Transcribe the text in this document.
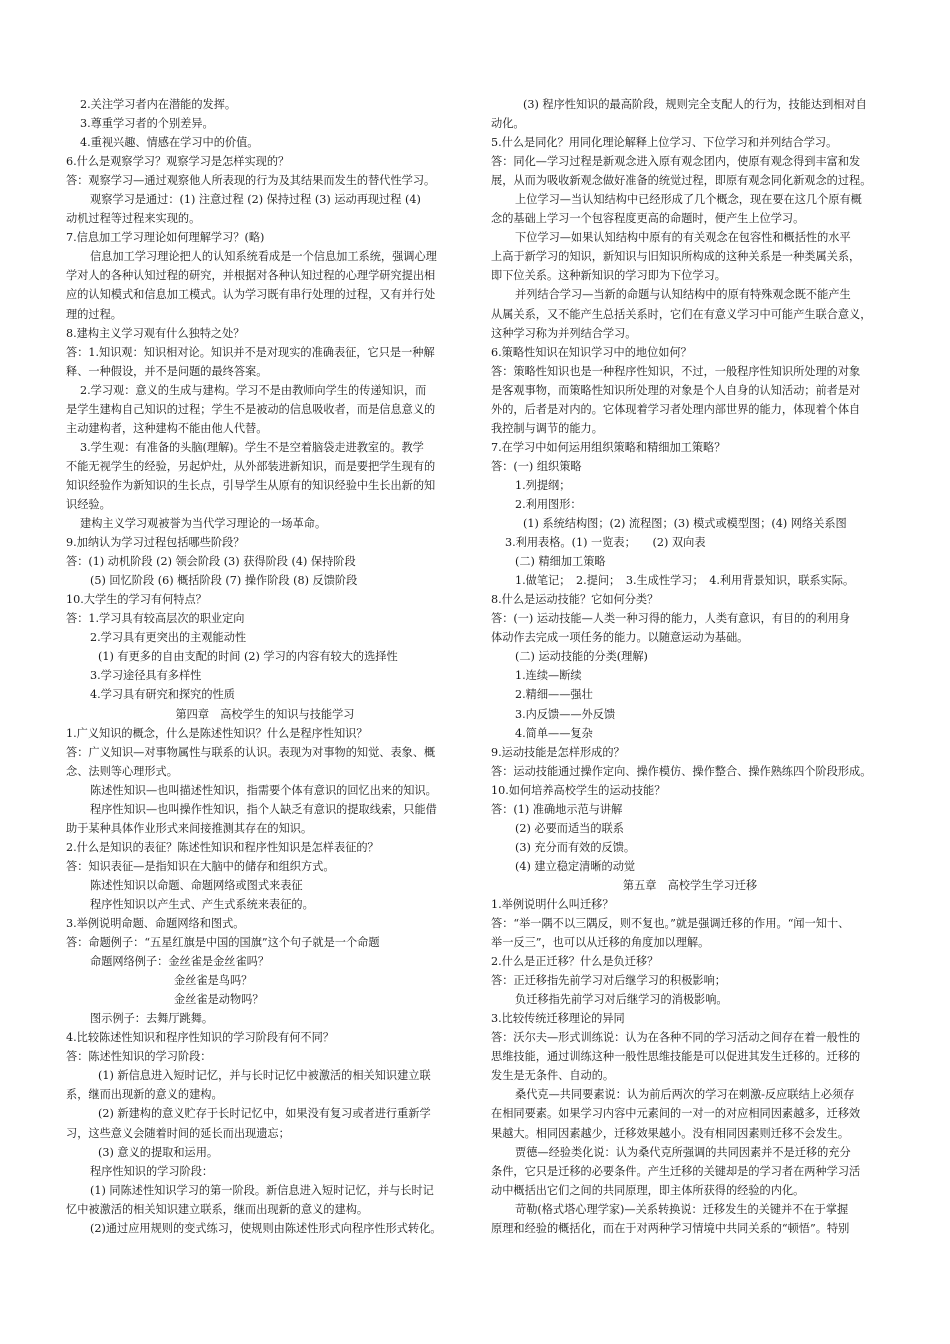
2.关注学习者内在潜能的发挥。
3.尊重学习者的个别差异。
4.重视兴趣、情感在学习中的价值。
6.什么是观察学习？观察学习是怎样实现的？
答：观察学习—通过观察他人所表现的行为及其结果而发生的替代性学习。
观察学习是通过：(1) 注意过程 (2) 保持过程 (3) 运动再现过程 (4)
动机过程等过程来实现的。
7.信息加工学习理论如何理解学习？(略)
信息加工学习理论把人的认知系统看成是一个信息加工系统，强调心理
学对人的各种认知过程的研究，并根据对各种认知过程的心理学研究提出相
应的认知模式和信息加工模式。认为学习既有串行处理的过程，又有并行处
理的过程。
8.建构主义学习观有什么独特之处？
答：1.知识观：知识相对论。知识并不是对现实的准确表征，它只是一种解
释、一种假设，并不是问题的最终答案。
2.学习观：意义的生成与建构。学习不是由教师向学生的传递知识，而
是学生建构自己知识的过程；学生不是被动的信息吸收者，而是信息意义的
主动建构者，这种建构不能由他人代替。
3.学生观：有准备的头脑(理解)。学生不是空着脑袋走进教室的。教学
不能无视学生的经验，另起炉灶，从外部装进新知识，而是要把学生现有的
知识经验作为新知识的生长点，引导学生从原有的知识经验中生长出新的知
识经验。
建构主义学习观被誉为当代学习理论的一场革命。
9.加纳认为学习过程包括哪些阶段？
答：(1) 动机阶段 (2) 领会阶段 (3) 获得阶段 (4) 保持阶段
(5) 回忆阶段 (6) 概括阶段 (7) 操作阶段 (8) 反馈阶段
10.大学生的学习有何特点？
答：1.学习具有较高层次的职业定向
2.学习具有更突出的主观能动性
(1) 有更多的自由支配的时间 (2) 学习的内容有较大的选择性
3.学习途径具有多样性
4.学习具有研究和探究的性质
第四章　高校学生的知识与技能学习
1.广义知识的概念，什么是陈述性知识？什么是程序性知识？
答：广义知识—对事物属性与联系的认识。表现为对事物的知觉、表象、概
念、法则等心理形式。
陈述性知识—也叫描述性知识，指需要个体有意识的回忆出来的知识。
程序性知识—也叫操作性知识，指个人缺乏有意识的提取线索，只能借
助于某种具体作业形式来间接推测其存在的知识。
2.什么是知识的表征？陈述性知识和程序性知识是怎样表征的？
答：知识表征—是指知识在大脑中的储存和组织方式。
陈述性知识以命题、命题网络或图式来表征
程序性知识以产生式、产生式系统来表征的。
3.举例说明命题、命题网络和图式。
答：命题例子：“五星红旗是中国的国旗”这个句子就是一个命题
命题网络例子：金丝雀是金丝雀吗？
金丝雀是鸟吗？
金丝雀是动物吗？
图示例子：去舞厅跳舞。
4.比较陈述性知识和程序性知识的学习阶段有何不同？
答：陈述性知识的学习阶段：
(1) 新信息进入短时记忆，并与长时记忆中被激活的相关知识建立联
系，继而出现新的意义的建构。
(2) 新建构的意义贮存于长时记忆中，如果没有复习或者进行重新学
习，这些意义会随着时间的延长而出现遗忘；
(3) 意义的提取和运用。
程序性知识的学习阶段：
(1) 同陈述性知识学习的第一阶段。新信息进入短时记忆，并与长时记
忆中被激活的相关知识建立联系，继而出现新的意义的建构。
(2)通过应用规则的变式练习，使规则由陈述性形式向程序性形式转化。
(3) 程序性知识的最高阶段，规则完全支配人的行为，技能达到相对自
动化。
5.什么是同化？用同化理论解释上位学习、下位学习和并列结合学习。
答：同化—学习过程是新观念进入原有观念团内，使原有观念得到丰富和发
展，从而为吸收新观念做好准备的统觉过程，即原有观念同化新观念的过程。
上位学习—当认知结构中已经形成了几个概念，现在要在这几个原有概
念的基础上学习一个包容程度更高的命题时，便产生上位学习。
下位学习—如果认知结构中原有的有关观念在包容性和概括性的水平
上高于新学习的知识，新知识与旧知识所构成的这种关系是一种类属关系，
即下位关系。这种新知识的学习即为下位学习。
并列结合学习—当新的命题与认知结构中的原有特殊观念既不能产生
从属关系，又不能产生总括关系时，它们在有意义学习中可能产生联合意义，
这种学习称为并列结合学习。
6.策略性知识在知识学习中的地位如何？
答：策略性知识也是一种程序性知识，不过，一般程序性知识所处理的对象
是客观事物，而策略性知识所处理的对象是个人自身的认知活动；前者是对
外的，后者是对内的。它体现着学习者处理内部世界的能力，体现着个体自
我控制与调节的能力。
7.在学习中如何运用组织策略和精细加工策略？
答：(一) 组织策略
1.列提纲；
2.利用图形：
(1) 系统结构图；(2) 流程图；(3) 模式或模型图；(4) 网络关系图
3.利用表格。(1) 一览表；　　(2) 双向表
(二) 精细加工策略
1.做笔记；　2.提问；　3.生成性学习；　4.利用背景知识，联系实际。
8.什么是运动技能？它如何分类？
答：(一) 运动技能—人类一种习得的能力，人类有意识，有目的的利用身
体动作去完成一项任务的能力。以随意运动为基础。
(二) 运动技能的分类(理解)
1.连续—断续
2.精细——强壮
3.内反馈——外反馈
4.简单——复杂
9.运动技能是怎样形成的？
答：运动技能通过操作定向、操作模仿、操作整合、操作熟练四个阶段形成。
10.如何培养高校学生的运动技能？
答：(1) 准确地示范与讲解
(2) 必要而适当的联系
(3) 充分而有效的反馈。
(4) 建立稳定清晰的动觉
第五章　高校学生学习迁移
1.举例说明什么叫迁移？
答：“举一隅不以三隅反，则不复也。”就是强调迁移的作用。“闻一知十、
举一反三”，也可以从迁移的角度加以理解。
2.什么是正迁移？什么是负迁移？
答：正迁移指先前学习对后继学习的积极影响；
负迁移指先前学习对后继学习的消极影响。
3.比较传统迁移理论的异同
答：沃尔夫—形式训练说：认为在各种不同的学习活动之间存在着一般性的
思维技能，通过训练这种一般性思维技能是可以促进其发生迁移的。迁移的
发生是无条件、自动的。
桑代克—共同要素说：认为前后两次的学习在刺激-反应联结上必须存
在相同要素。如果学习内容中元素间的一对一的对应相同因素越多，迁移效
果越大。相同因素越少，迁移效果越小。没有相同因素则迁移不会发生。
贾德—经验类化说：认为桑代克所强调的共同因素并不是迁移的充分
条件，它只是迁移的必要条件。产生迁移的关键却是的学习者在两种学习活
动中概括出它们之间的共同原理，即主体所获得的经验的内化。
苛勒(格式塔心理学家)—关系转换说：迁移发生的关键并不在于掌握
原理和经验的概括化，而在于对两种学习情境中共同关系的“顿悟”。特别
